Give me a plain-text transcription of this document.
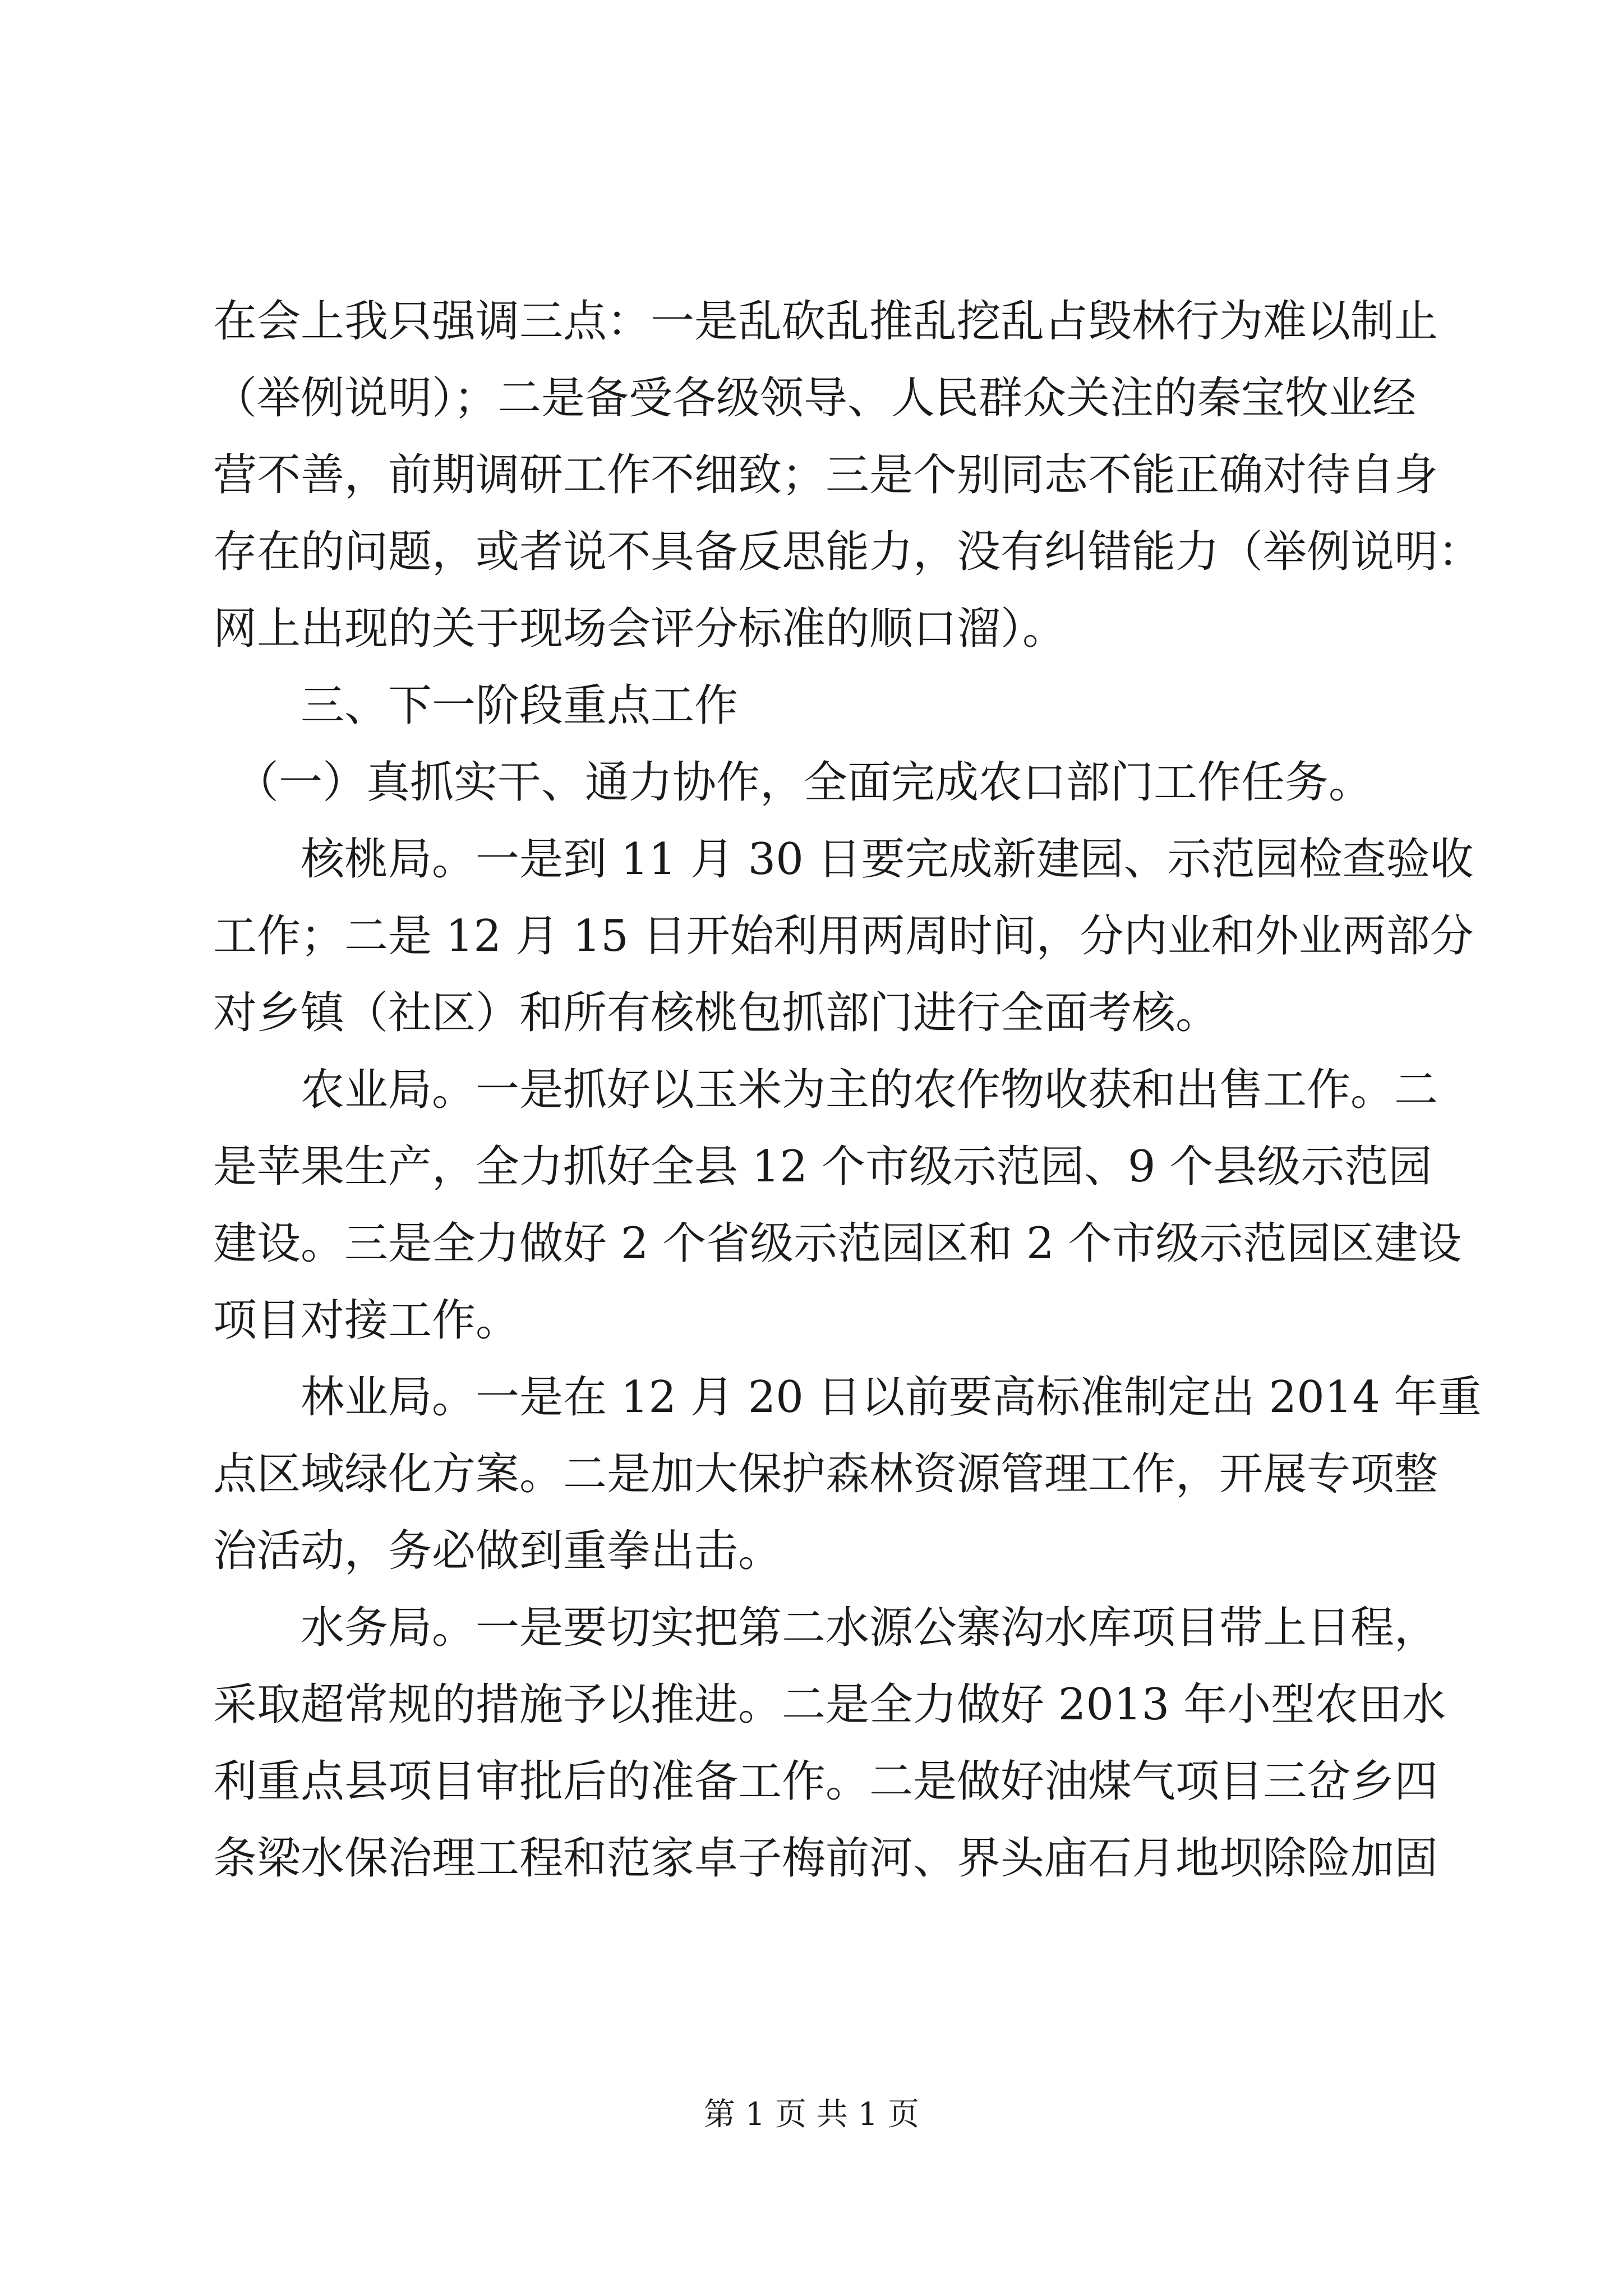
在会上我只强调三点：一是乱砍乱推乱挖乱占毁林行为难以制止
（举例说明）；二是备受各级领导、人民群众关注的秦宝牧业经
营不善，前期调研工作不细致；三是个别同志不能正确对待自身
存在的问题，或者说不具备反思能力，没有纠错能力（举例说明：
网上出现的关于现场会评分标准的顺口溜）。
　　三、下一阶段重点工作
　（一）真抓实干、通力协作，全面完成农口部门工作任务。
　　核桃局。一是到 11 月 30 日要完成新建园、示范园检查验收
工作；二是 12 月 15 日开始利用两周时间，分内业和外业两部分
对乡镇（社区）和所有核桃包抓部门进行全面考核。
　　农业局。一是抓好以玉米为主的农作物收获和出售工作。二
是苹果生产，全力抓好全县 12 个市级示范园、9 个县级示范园
建设。三是全力做好 2 个省级示范园区和 2 个市级示范园区建设
项目对接工作。
　　林业局。一是在 12 月 20 日以前要高标准制定出 2014 年重
点区域绿化方案。二是加大保护森林资源管理工作，开展专项整
治活动，务必做到重拳出击。
　　水务局。一是要切实把第二水源公寨沟水库项目带上日程，
采取超常规的措施予以推进。二是全力做好 2013 年小型农田水
利重点县项目审批后的准备工作。二是做好油煤气项目三岔乡四
条梁水保治理工程和范家卓子梅前河、界头庙石月地坝除险加固
第 1 页 共 1 页
